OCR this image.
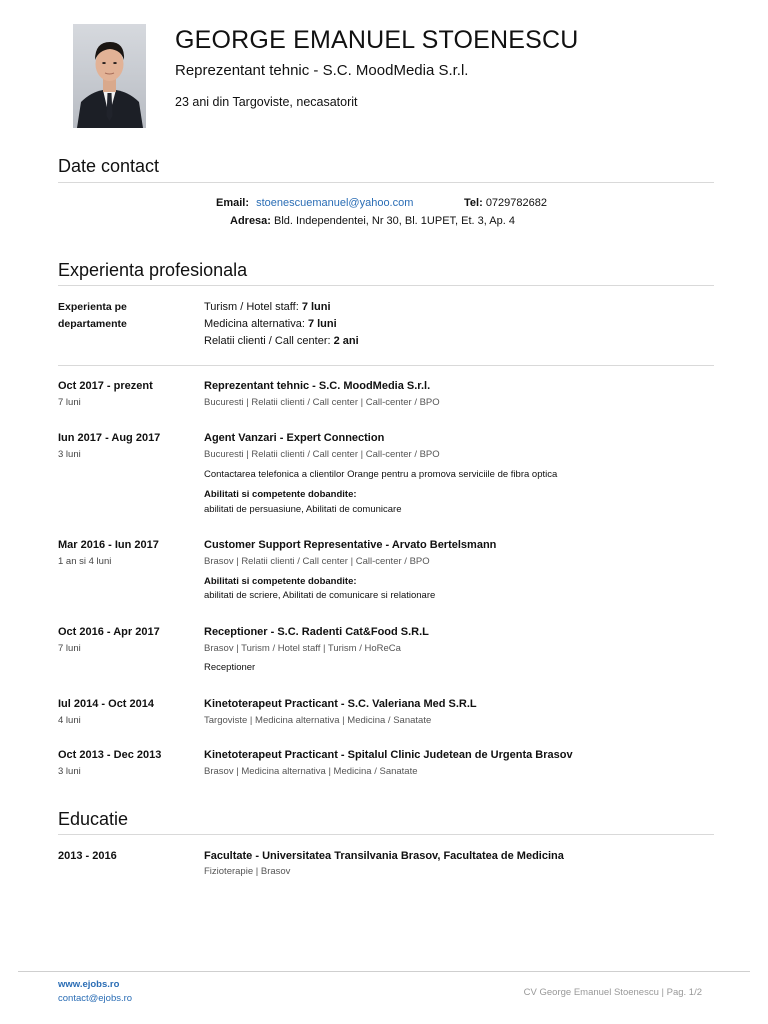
GEORGE EMANUEL STOENESCU
Reprezentant tehnic - S.C. MoodMedia S.r.l.
23 ani din Targoviste, necasatorit
Date contact
Email: stoenescuemanuel@yahoo.com	Tel: 0729782682
Adresa: Bld. Independentei, Nr 30, Bl. 1UPET, Et. 3, Ap. 4
Experienta profesionala
Experienta pe
departamente
Turism / Hotel staff: 7 luni
Medicina alternativa: 7 luni
Relatii clienti / Call center: 2 ani
Oct 2017 - prezent
7 luni
Reprezentant tehnic - S.C. MoodMedia S.r.l.
Bucuresti | Relatii clienti / Call center | Call-center / BPO
Iun 2017 - Aug 2017
3 luni
Agent Vanzari - Expert Connection
Bucuresti | Relatii clienti / Call center | Call-center / BPO
Contactarea telefonica a clientilor Orange pentru a promova serviciile de fibra optica
Abilitati si competente dobandite:
abilitati de persuasiune, Abilitati de comunicare
Mar 2016 - Iun 2017
1 an si 4 luni
Customer Support Representative - Arvato Bertelsmann
Brasov | Relatii clienti / Call center | Call-center / BPO
Abilitati si competente dobandite:
abilitati de scriere, Abilitati de comunicare si relationare
Oct 2016 - Apr 2017
7 luni
Receptioner - S.C. Radenti Cat&Food S.R.L
Brasov | Turism / Hotel staff | Turism / HoReCa
Receptioner
Iul 2014 - Oct 2014
4 luni
Kinetoterapeut Practicant - S.C. Valeriana Med S.R.L
Targoviste | Medicina alternativa | Medicina / Sanatate
Oct 2013 - Dec 2013
3 luni
Kinetoterapeut Practicant - Spitalul Clinic Judetean de Urgenta Brasov
Brasov | Medicina alternativa | Medicina / Sanatate
Educatie
2013 - 2016	Facultate - Universitatea Transilvania Brasov, Facultatea de Medicina
Fizioterapie | Brasov
www.ejobs.ro
contact@ejobs.ro
CV George Emanuel Stoenescu | Pag. 1/2
